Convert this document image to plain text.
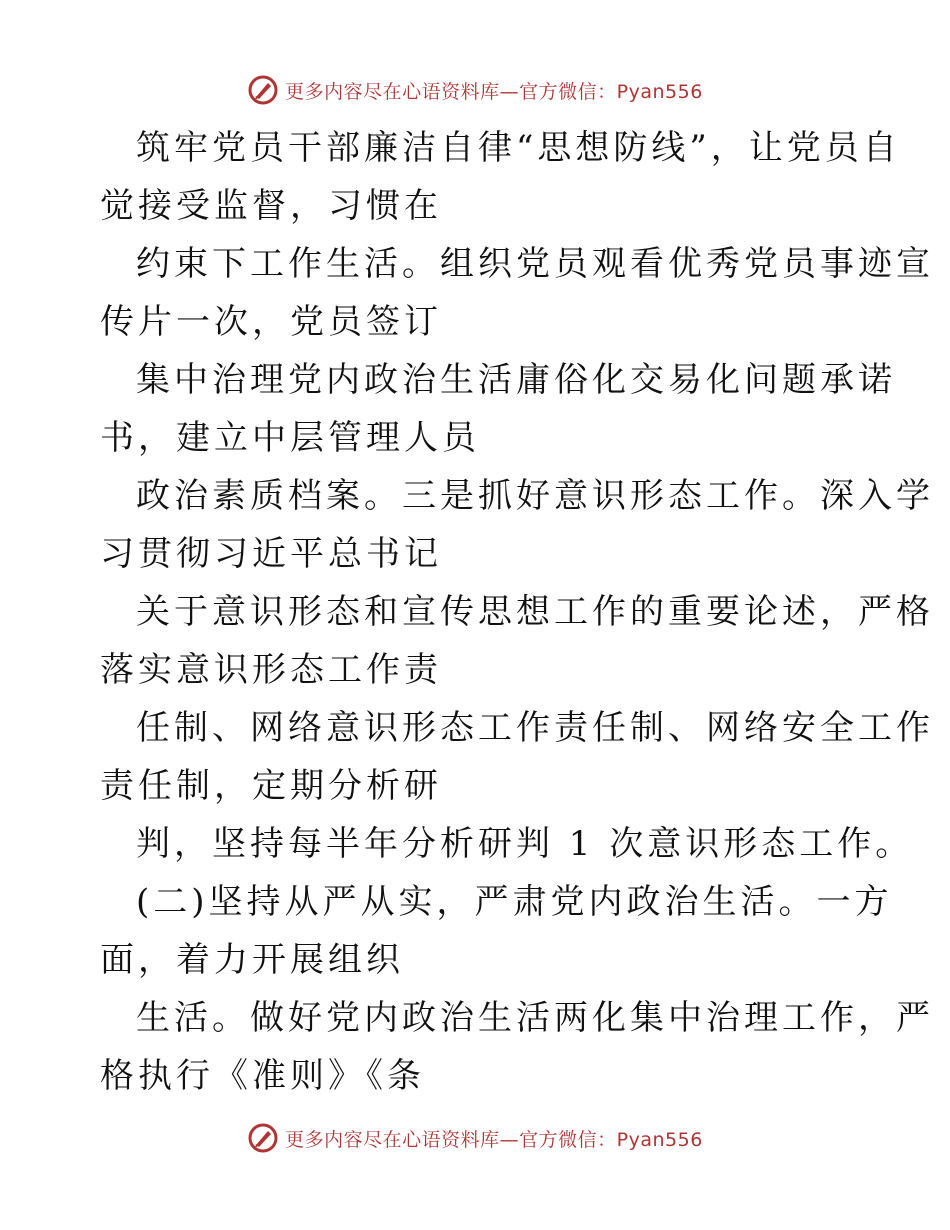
更多内容尽在心语资料库—官方微信：Pyan556
筑牢党员干部廉洁自律“思想防线”，让党员自
觉接受监督，习惯在
约束下工作生活。组织党员观看优秀党员事迹宣
传片一次，党员签订
集中治理党内政治生活庸俗化交易化问题承诺
书，建立中层管理人员
政治素质档案。三是抓好意识形态工作。深入学
习贯彻习近平总书记
关于意识形态和宣传思想工作的重要论述，严格
落实意识形态工作责
任制、网络意识形态工作责任制、网络安全工作
责任制，定期分析研
判，坚持每半年分析研判 1 次意识形态工作。
(二)坚持从严从实，严肃党内政治生活。一方
面，着力开展组织
生活。做好党内政治生活两化集中治理工作，严
格执行《准则》《条
更多内容尽在心语资料库—官方微信：Pyan556
